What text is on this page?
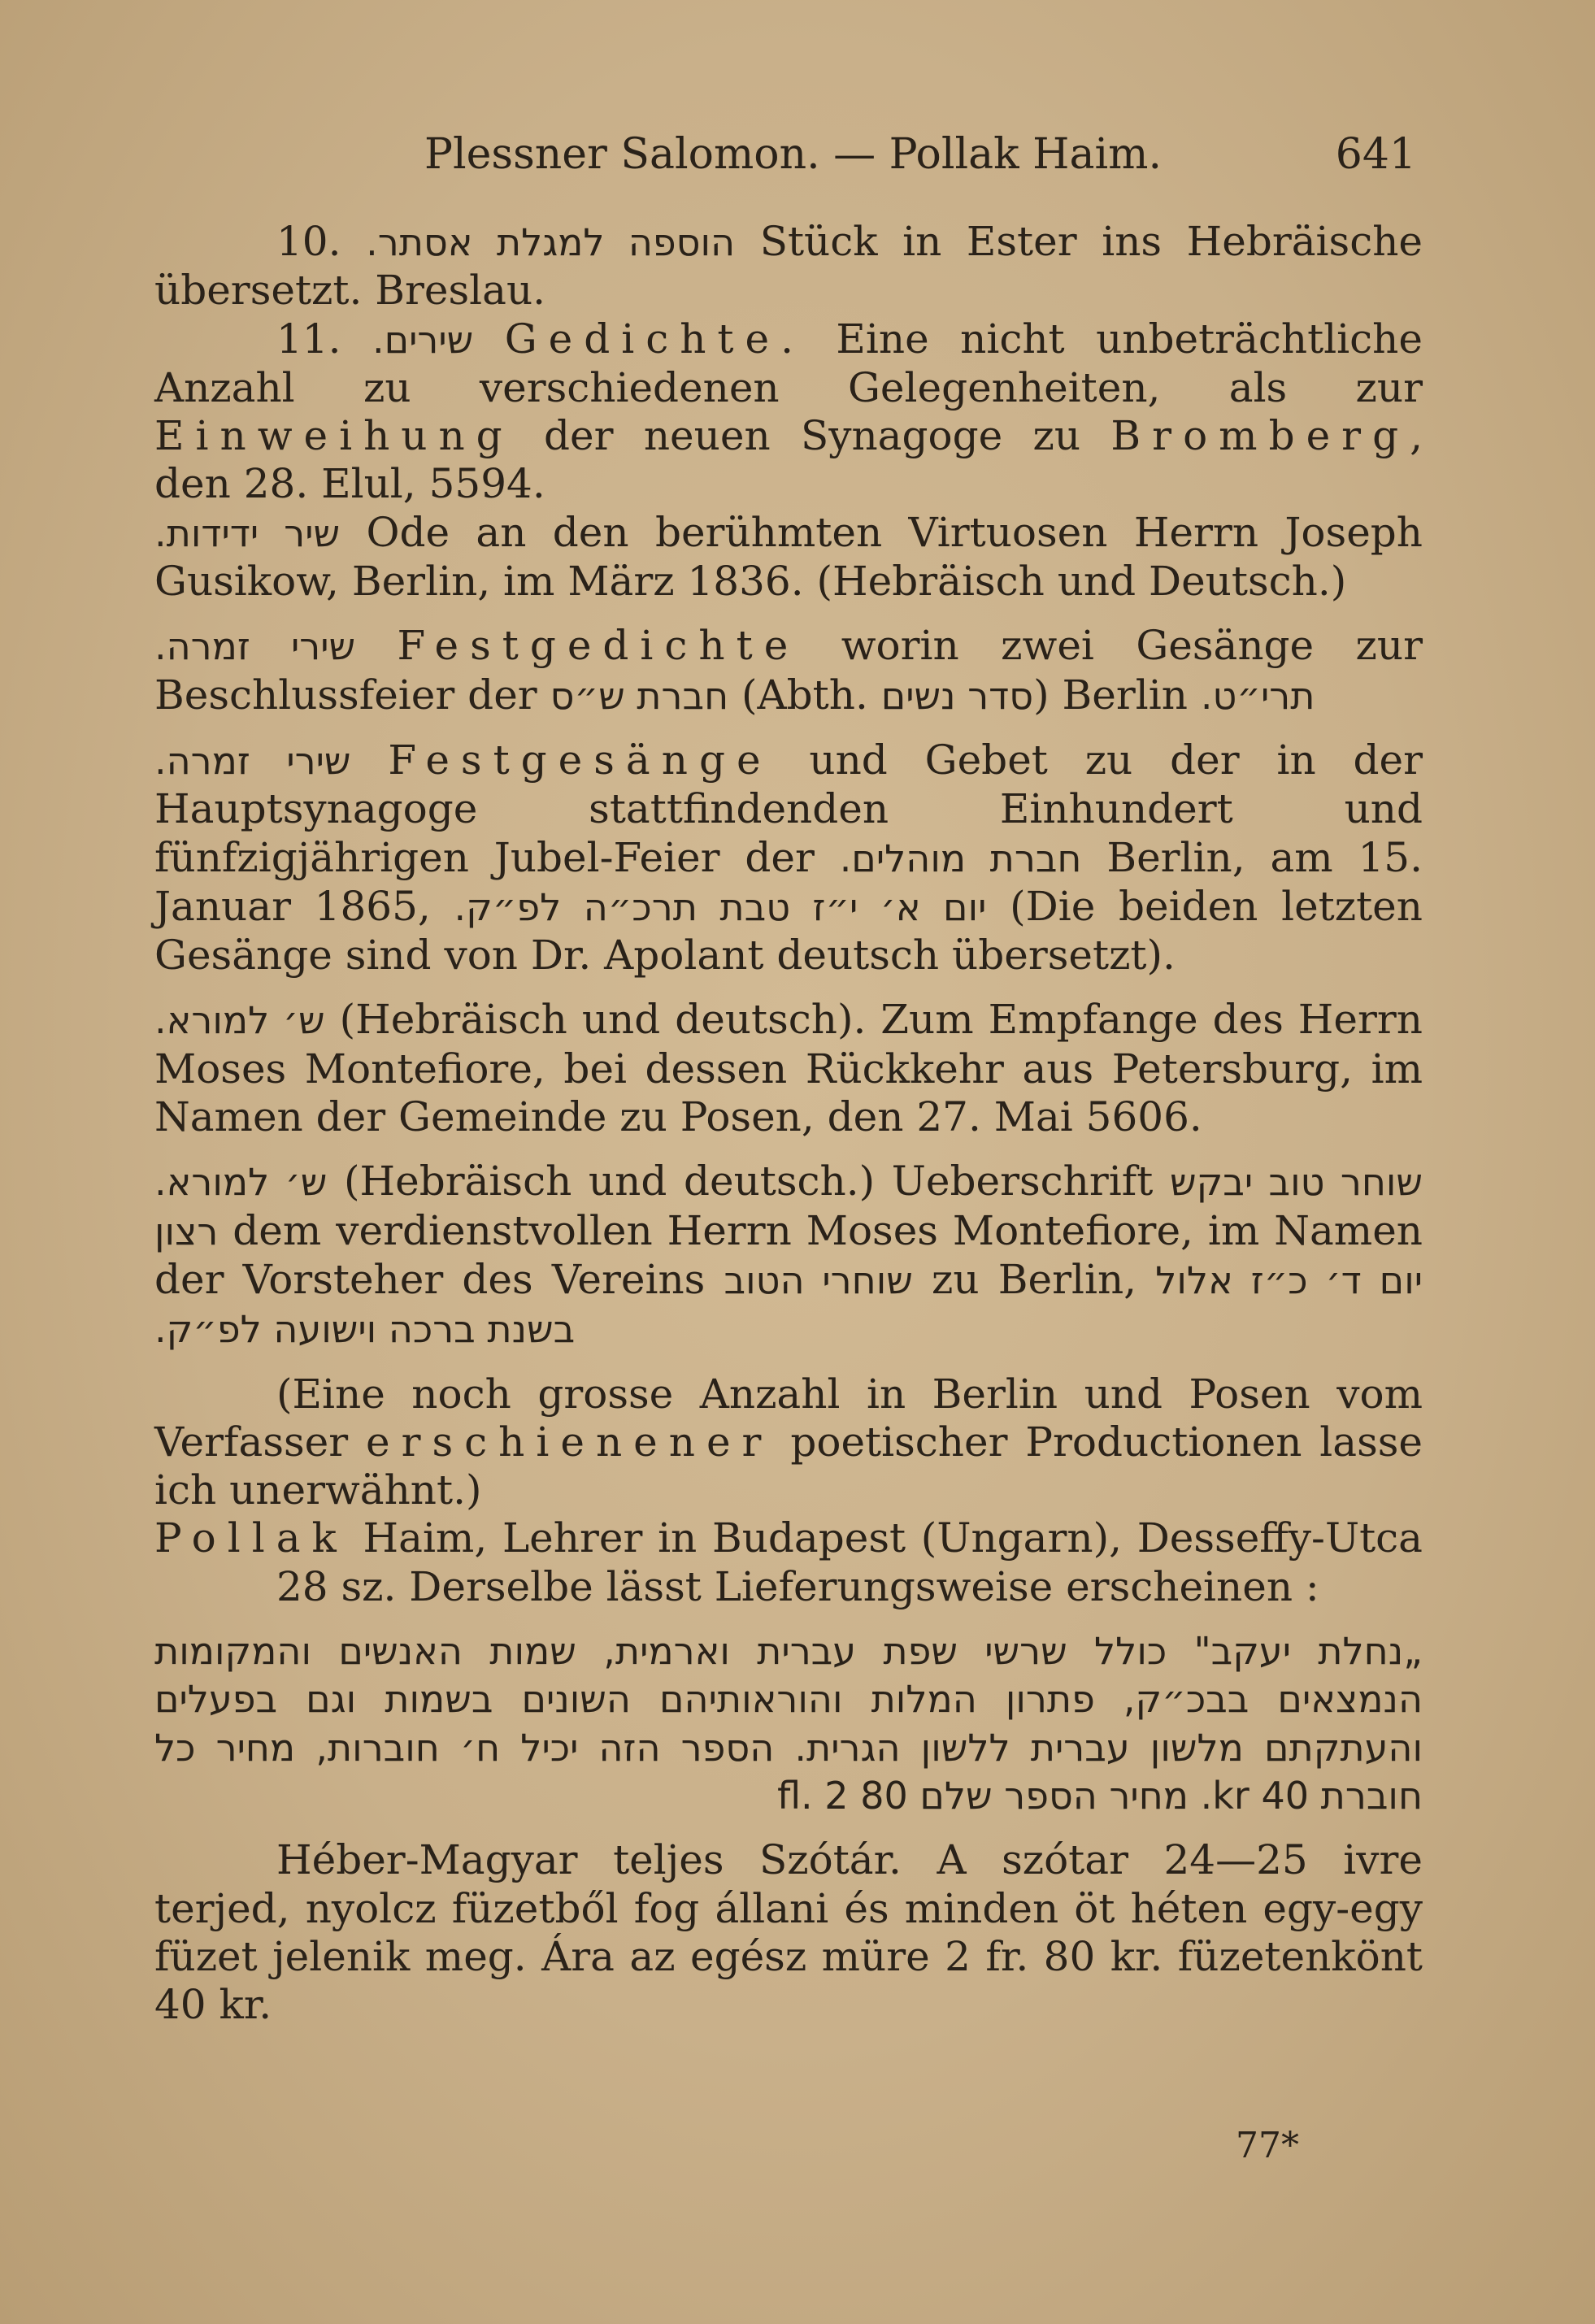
Plessner Salomon. — Pollak Haim.	641

10. הוספה למגלת אסתר. Stück in Ester ins Hebräische übersetzt. Breslau.

11. שירים. Gedichte. Eine nicht unbeträchtliche Anzahl zu verschiedenen Gelegenheiten, als zur Einweihung der neuen Synagoge zu Bromberg, den 28. Elul, 5594.

שיר ידידות. Ode an den berühmten Virtuosen Herrn Joseph Gusikow, Berlin, im März 1836. (Hebräisch und Deutsch.)

שירי זמרה. Festgedichte worin zwei Gesänge zur Beschlussfeier der חברת ש״ס (Abth. סדר נשים) Berlin תרי״ט.

שירי זמרה. Festgesänge und Gebet zu der in der Hauptsynagoge stattfindenden Einhundert und fünfzigjährigen Jubel-Feier der חברת מוהלים. Berlin, am 15. Januar 1865, יום א׳ י״ז טבת תרכ״ה לפ״ק. (Die beiden letzten Gesänge sind von Dr. Apolant deutsch übersetzt).

ש׳ למורא. (Hebräisch und deutsch). Zum Empfange des Herrn Moses Montefiore, bei dessen Rückkehr aus Petersburg, im Namen der Gemeinde zu Posen, den 27. Mai 5606.

ש׳ למורא. (Hebräisch und deutsch.) Ueberschrift שוחר טוב יבקש רצון dem verdienstvollen Herrn Moses Montefiore, im Namen der Vorsteher des Vereins שוחרי הטוב zu Berlin, יום ד׳ כ״ז אלול בשנת ברכה וישועה לפ״ק.

(Eine noch grosse Anzahl in Berlin und Posen vom Verfasser erschienener poetischer Productionen lasse ich unerwähnt.)

Pollak Haim, Lehrer in Budapest (Ungarn), Desseffy-Utca 28 sz. Derselbe lässt Lieferungsweise erscheinen :

„נחלת יעקב" כולל שרשי שפת עברית וארמית, שמות האנשים והמקומות הנמצאים בבכ״ק, פתרון המלות והוראותיהם השונים בשמות וגם בפעלים והעתקתם מלשון עברית ללשון הגרית. הספר הזה יכיל ח׳ חוברות, מחיר כל חוברת 40 kr. מחיר הספר שלם 80 fl. 2

Héber-Magyar teljes Szótár. A szótar 24—25 ivre terjed, nyolcz füzetből fog állani és minden öt héten egy-egy füzet jelenik meg. Ára az egész müre 2 fr. 80 kr. füzetenkönt 40 kr.

77*
